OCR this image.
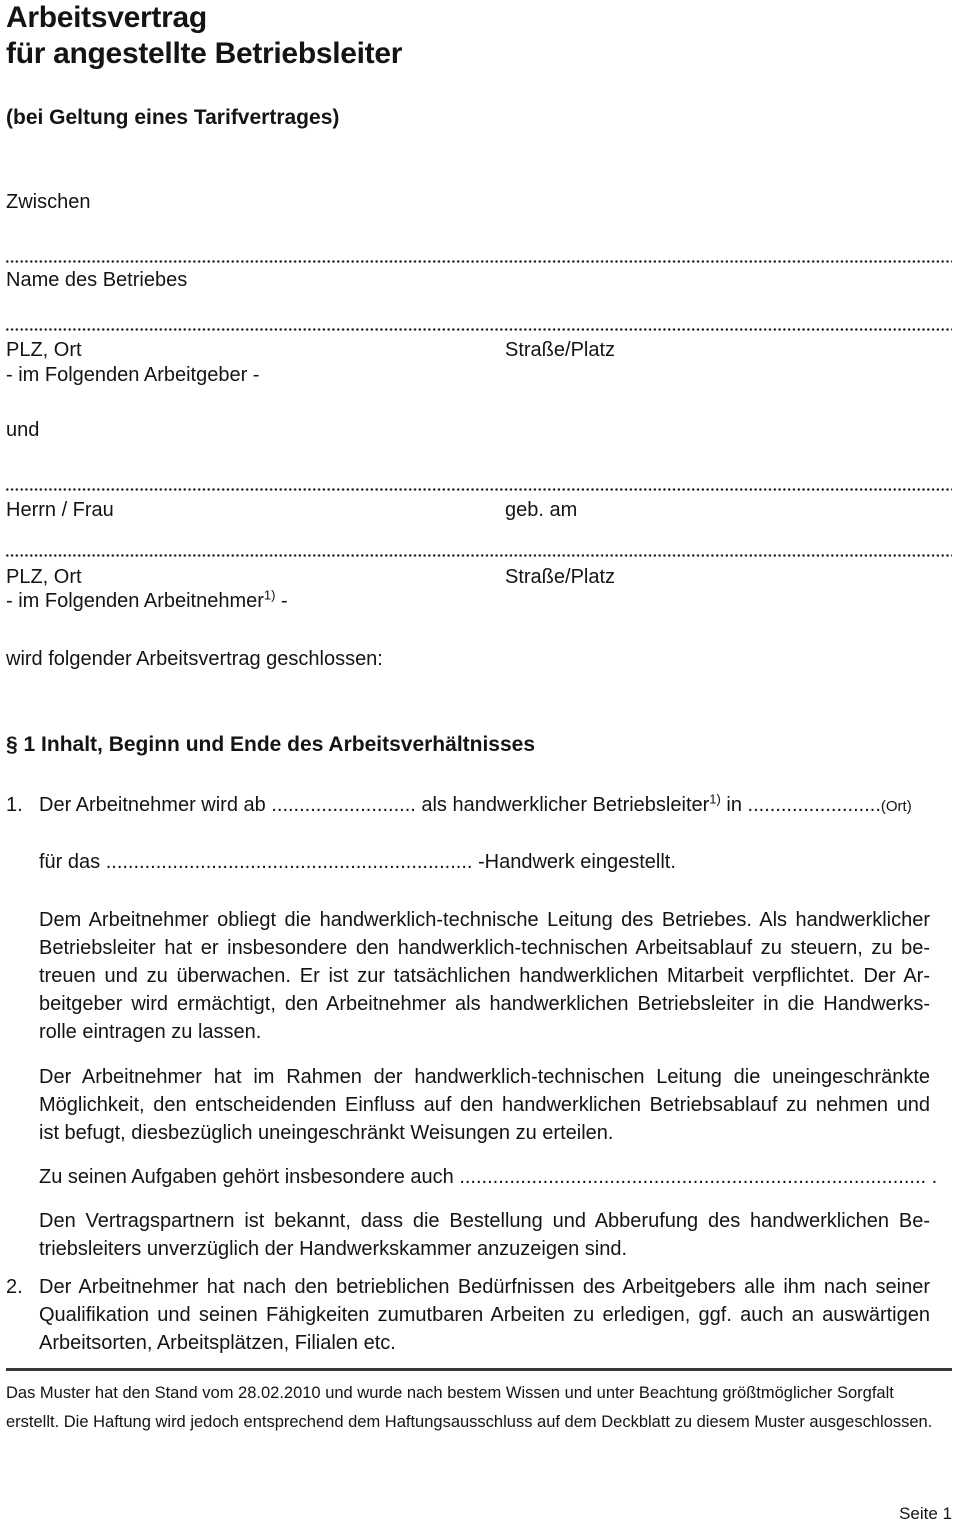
Arbeitsvertrag
für angestellte Betriebsleiter
(bei Geltung eines Tarifvertrages)
Zwischen
Name des Betriebes
PLZ, Ort	Straße/Platz
- im Folgenden Arbeitgeber -
und
Herrn / Frau	geb. am
PLZ, Ort	Straße/Platz
- im Folgenden Arbeitnehmer$^{1)}$ -
wird folgender Arbeitsvertrag geschlossen:
§ 1 Inhalt, Beginn und Ende des Arbeitsverhältnisses
1. Der Arbeitnehmer wird ab .......................... als handwerklicher Betriebsleiter$^{1)}$ in ........................(Ort)
für das .................................................................. -Handwerk eingestellt.
Dem Arbeitnehmer obliegt die handwerklich-technische Leitung des Betriebes. Als handwerklicher
Betriebsleiter hat er insbesondere den handwerklich-technischen Arbeitsablauf zu steuern, zu be-
treuen und zu überwachen. Er ist zur tatsächlichen handwerklichen Mitarbeit verpflichtet. Der Ar-
beitgeber wird ermächtigt, den Arbeitnehmer als handwerklichen Betriebsleiter in die Handwerks-
rolle eintragen zu lassen.
Der Arbeitnehmer hat im Rahmen der handwerklich-technischen Leitung die uneingeschränkte
Möglichkeit, den entscheidenden Einfluss auf den handwerklichen Betriebsablauf zu nehmen und
ist befugt, diesbezüglich uneingeschränkt Weisungen zu erteilen.
Zu seinen Aufgaben gehört insbesondere auch .................................................................................... .
Den Vertragspartnern ist bekannt, dass die Bestellung und Abberufung des handwerklichen Be-
triebsleiters unverzüglich der Handwerkskammer anzuzeigen sind.
2. Der Arbeitnehmer hat nach den betrieblichen Bedürfnissen des Arbeitgebers alle ihm nach seiner
Qualifikation und seinen Fähigkeiten zumutbaren Arbeiten zu erledigen, ggf. auch an auswärtigen
Arbeitsorten, Arbeitsplätzen, Filialen etc.
Das Muster hat den Stand vom 28.02.2010 und wurde nach bestem Wissen und unter Beachtung größtmöglicher Sorgfalt
erstellt. Die Haftung wird jedoch entsprechend dem Haftungsausschluss auf dem Deckblatt zu diesem Muster ausgeschlossen.
Seite 1
